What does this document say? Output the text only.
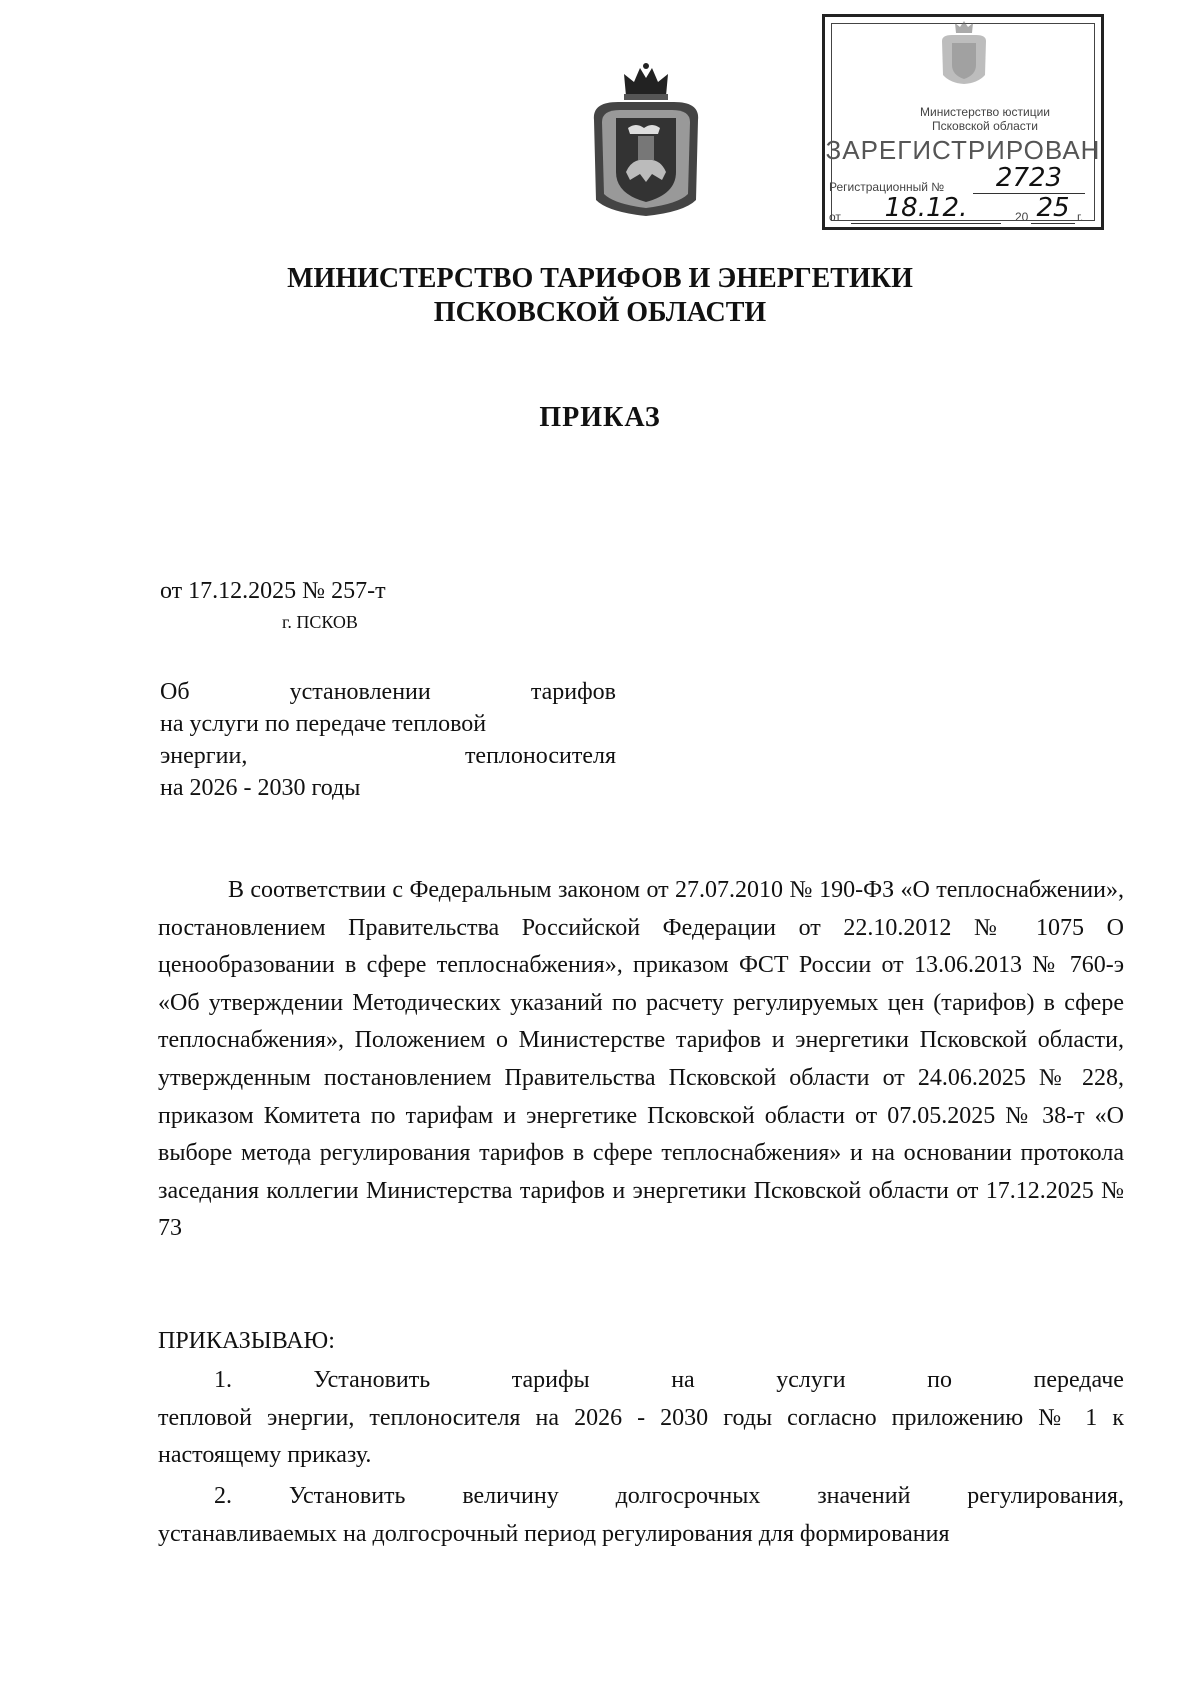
Министерство юстиции
Псковской области
ЗАРЕГИСТРИРОВАН
Регистрационный №	2723
от	18.12.	20 25 г.
МИНИСТЕРСТВО ТАРИФОВ И ЭНЕРГЕТИКИ
ПСКОВСКОЙ ОБЛАСТИ
ПРИКАЗ
от 17.12.2025 № 257-т
г. ПСКОВ
Об	установлении	тарифов
на услуги по передаче тепловой
энергии,	теплоносителя
на 2026 - 2030 годы
В соответствии с Федеральным законом от 27.07.2010 № 190-ФЗ «О теплоснабжении», постановлением Правительства Российской Федерации от 22.10.2012 № 1075 О ценообразовании в сфере теплоснабжения», приказом ФСТ России от 13.06.2013 № 760-э «Об утверждении Методических указаний по расчету регулируемых цен (тарифов) в сфере теплоснабжения», Положением о Министерстве тарифов и энергетики Псковской области, утвержденным постановлением Правительства Псковской области от 24.06.2025 № 228, приказом Комитета по тарифам и энергетике Псковской области от 07.05.2025 № 38-т «О выборе метода регулирования тарифов в сфере теплоснабжения» и на основании протокола заседания коллегии Министерства тарифов и энергетики Псковской области от 17.12.2025 № 73
ПРИКАЗЫВАЮ:
1.	Установить	тарифы	на	услуги	по	передаче
тепловой энергии, теплоносителя на 2026 - 2030 годы согласно приложению № 1 к настоящему приказу.
2. Установить величину долгосрочных значений регулирования,
устанавливаемых на долгосрочный период регулирования для формирования
